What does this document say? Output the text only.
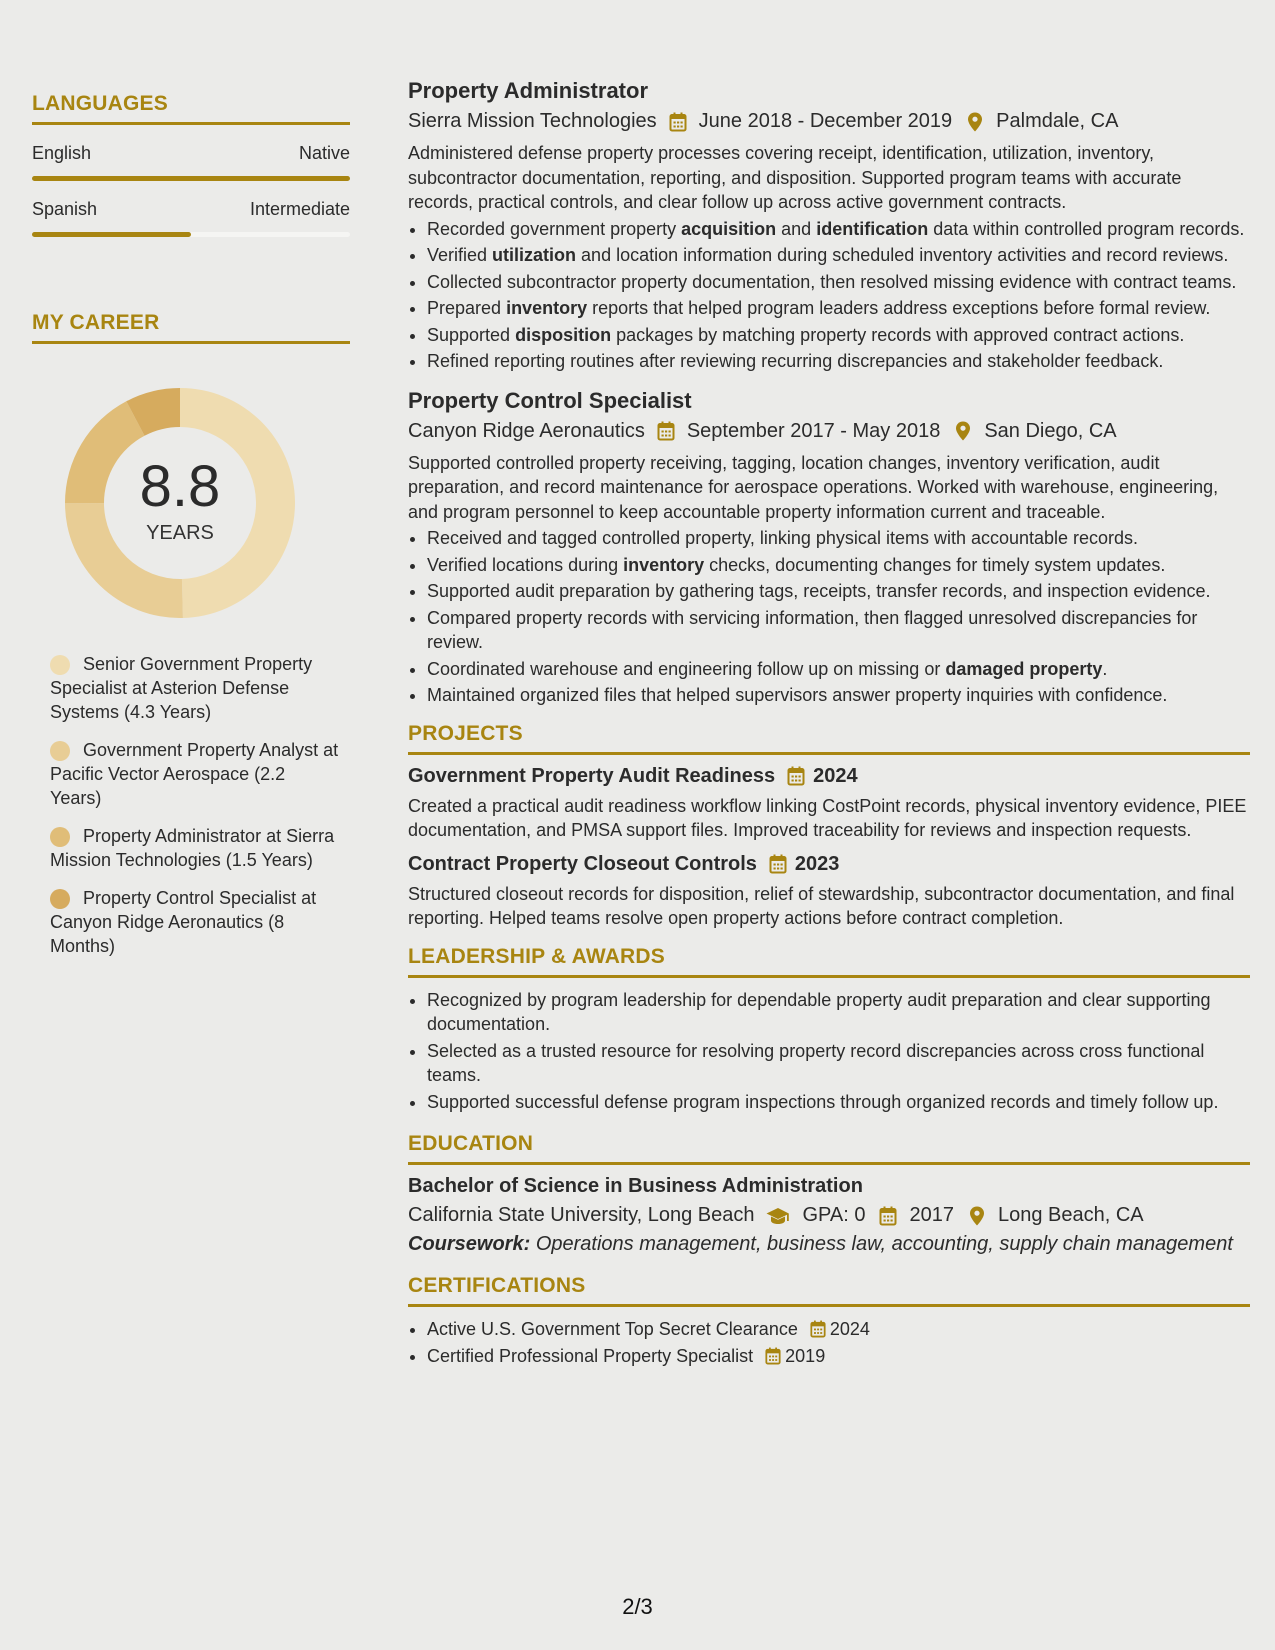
LANGUAGES
English	Native
Spanish	Intermediate
MY CAREER
8.8
YEARS
Senior Government Property Specialist at Asterion Defense Systems (4.3 Years)
Government Property Analyst at Pacific Vector Aerospace (2.2 Years)
Property Administrator at Sierra Mission Technologies (1.5 Years)
Property Control Specialist at Canyon Ridge Aeronautics (8 Months)
Property Administrator
Sierra Mission Technologies June 2018 - December 2019 Palmdale, CA

Administered defense property processes covering receipt, identification, utilization, inventory, subcontractor documentation, reporting, and disposition. Supported program teams with accurate records, practical controls, and clear follow up across active government contracts.

• Recorded government property acquisition and identification data within controlled program records.
• Verified utilization and location information during scheduled inventory activities and record reviews.
• Collected subcontractor property documentation, then resolved missing evidence with contract teams.
• Prepared inventory reports that helped program leaders address exceptions before formal review.
• Supported disposition packages by matching property records with approved contract actions.
• Refined reporting routines after reviewing recurring discrepancies and stakeholder feedback.
Property Control Specialist
Canyon Ridge Aeronautics September 2017 - May 2018 San Diego, CA

Supported controlled property receiving, tagging, location changes, inventory verification, audit preparation, and record maintenance for aerospace operations. Worked with warehouse, engineering, and program personnel to keep accountable property information current and traceable.

• Received and tagged controlled property, linking physical items with accountable records.
• Verified locations during inventory checks, documenting changes for timely system updates.
• Supported audit preparation by gathering tags, receipts, transfer records, and inspection evidence.
• Compared property records with servicing information, then flagged unresolved discrepancies for review.
• Coordinated warehouse and engineering follow up on missing or damaged property.
• Maintained organized files that helped supervisors answer property inquiries with confidence.
PROJECTS
Government Property Audit Readiness 2024

Created a practical audit readiness workflow linking CostPoint records, physical inventory evidence, PIEE documentation, and PMSA support files. Improved traceability for reviews and inspection requests.

Contract Property Closeout Controls 2023

Structured closeout records for disposition, relief of stewardship, subcontractor documentation, and final reporting. Helped teams resolve open property actions before contract completion.

LEADERSHIP & AWARDS
• Recognized by program leadership for dependable property audit preparation and clear supporting documentation.
• Selected as a trusted resource for resolving property record discrepancies across cross functional teams.
• Supported successful defense program inspections through organized records and timely follow up.
EDUCATION
Bachelor of Science in Business Administration
California State University, Long Beach GPA: 0 2017 Long Beach, CA
Coursework: Operations management, business law, accounting, supply chain management
CERTIFICATIONS
• Active U.S. Government Top Secret Clearance 2024
• Certified Professional Property Specialist 2019
2/3
